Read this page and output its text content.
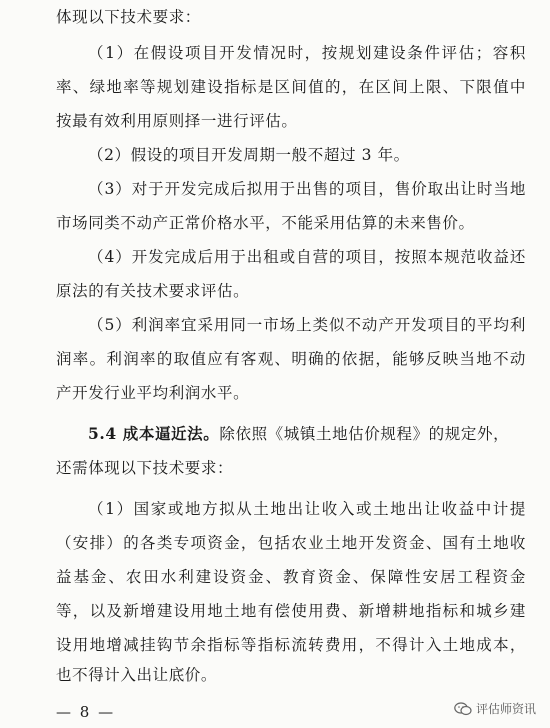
体现以下技术要求：
（1）在假设项目开发情况时，按规划建设条件评估；容积
率、绿地率等规划建设指标是区间值的，在区间上限、下限值中
按最有效利用原则择一进行评估。
（2）假设的项目开发周期一般不超过 3 年。
（3）对于开发完成后拟用于出售的项目，售价取出让时当地
市场同类不动产正常价格水平，不能采用估算的未来售价。
（4）开发完成后用于出租或自营的项目，按照本规范收益还
原法的有关技术要求评估。
（5）利润率宜采用同一市场上类似不动产开发项目的平均利
润率。利润率的取值应有客观、明确的依据，能够反映当地不动
产开发行业平均利润水平。
5.4 成本逼近法。除依照《城镇土地估价规程》的规定外，
还需体现以下技术要求：
（1）国家或地方拟从土地出让收入或土地出让收益中计提
（安排）的各类专项资金，包括农业土地开发资金、国有土地收
益基金、农田水利建设资金、教育资金、保障性安居工程资金
等，以及新增建设用地土地有偿使用费、新增耕地指标和城乡建
设用地增减挂钩节余指标等指标流转费用，不得计入土地成本，
也不得计入出让底价。
— 8 —	评估师资讯
